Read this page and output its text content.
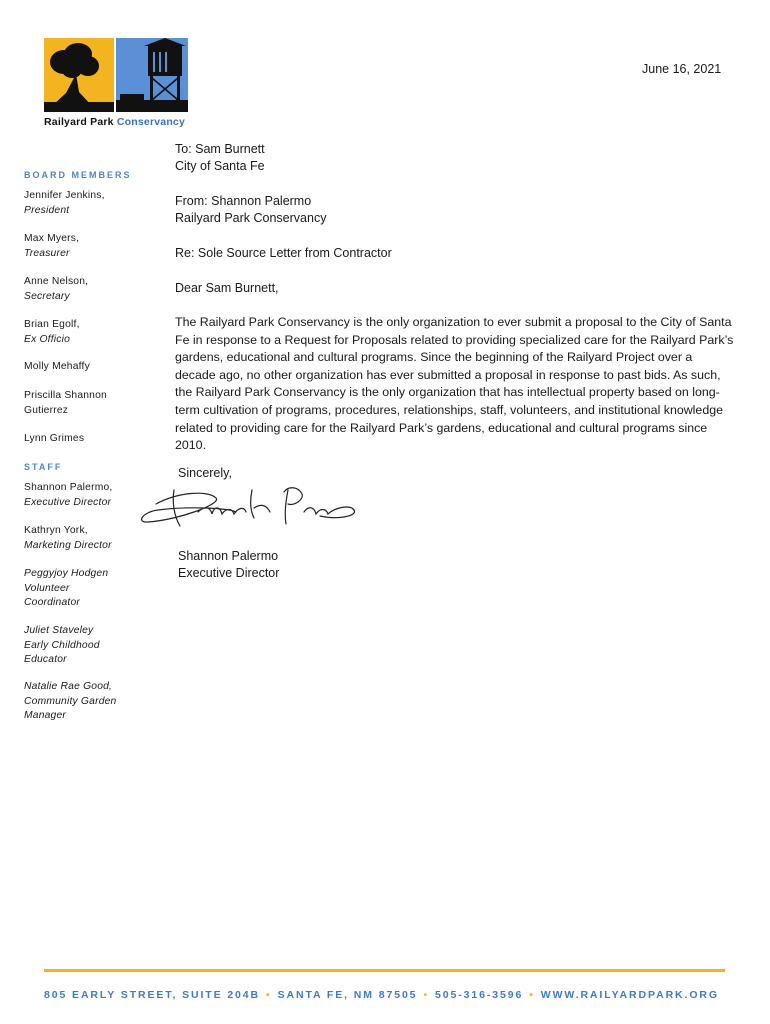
Railyard Park Conservancy
June 16, 2021
BOARD MEMBERS
Jennifer Jenkins,
President
Max Myers,
Treasurer
Anne Nelson,
Secretary
Brian Egolf,
Ex Officio
Molly Mehaffy
Priscilla Shannon
Gutierrez
Lynn Grimes
STAFF
Shannon Palermo,
Executive Director
Kathryn York,
Marketing Director
Peggyjoy Hodgen
Volunteer
Coordinator
Juliet Staveley
Early Childhood
Educator
Natalie Rae Good,
Community Garden
Manager
To: Sam Burnett
City of Santa Fe
From: Shannon Palermo
Railyard Park Conservancy
Re: Sole Source Letter from Contractor
Dear Sam Burnett,
The Railyard Park Conservancy is the only organization to ever submit a proposal to the City of Santa Fe in response to a Request for Proposals related to providing specialized care for the Railyard Park’s gardens, educational and cultural programs. Since the beginning of the Railyard Project over a decade ago, no other organization has ever submitted a proposal in response to past bids. As such, the Railyard Park Conservancy is the only organization that has intellectual property based on long-term cultivation of programs, procedures, relationships, staff, volunteers, and institutional knowledge related to providing care for the Railyard Park’s gardens, educational and cultural programs since 2010.
Sincerely,
Shannon Palermo
Executive Director
805 EARLY STREET, SUITE 204B • SANTA FE, NM 87505 • 505-316-3596 • WWW.RAILYARDPARK.ORG
